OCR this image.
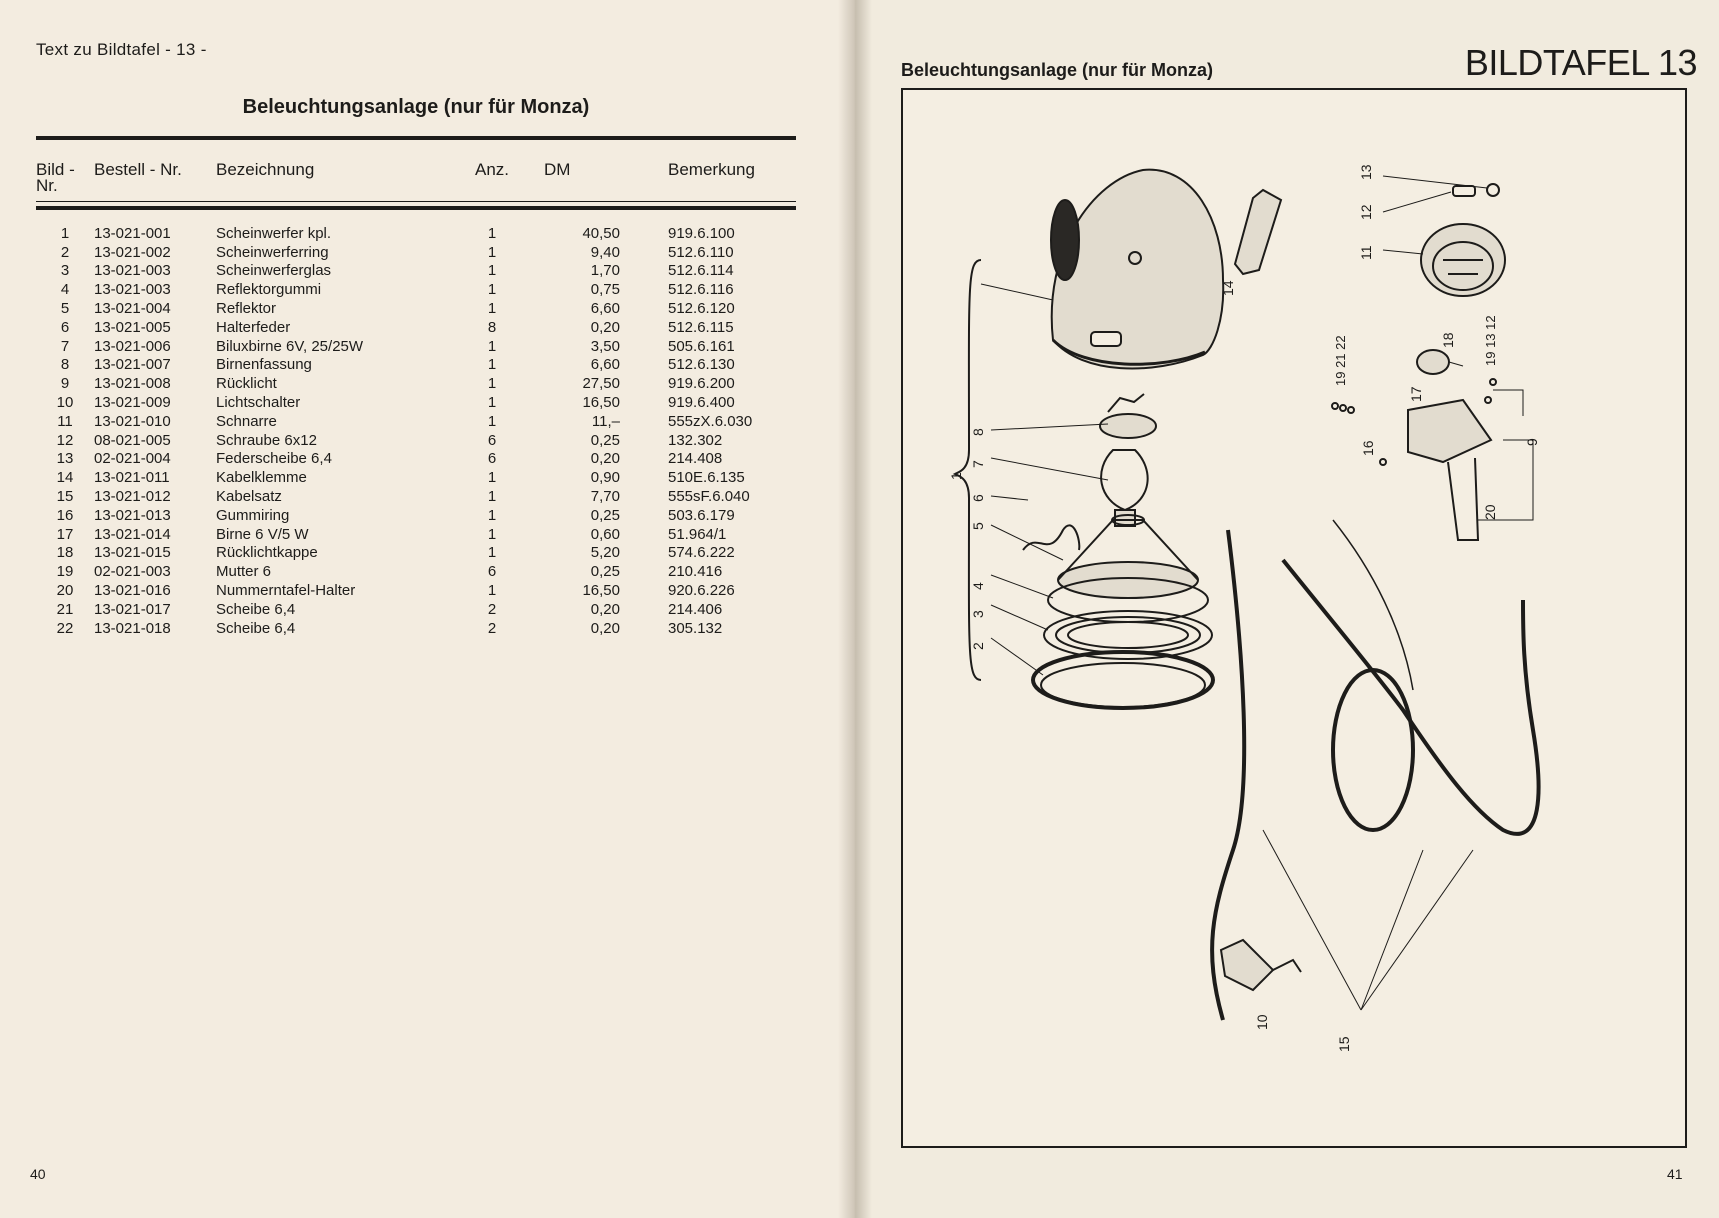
Text zu Bildtafel - 13 -
Beleuchtungsanlage (nur für Monza)
Bild -
Nr.	Bestell - Nr.	Bezeichnung	Anz.	DM	Bemerkung

1	13-021-001	Scheinwerfer kpl.	1	40,50	919.6.100
2	13-021-002	Scheinwerferring	1	9,40	512.6.110
3	13-021-003	Scheinwerferglas	1	1,70	512.6.114
4	13-021-003	Reflektorgummi	1	0,75	512.6.116
5	13-021-004	Reflektor	1	6,60	512.6.120
6	13-021-005	Halterfeder	8	0,20	512.6.115
7	13-021-006	Biluxbirne 6V, 25/25W	1	3,50	505.6.161
8	13-021-007	Birnenfassung	1	6,60	512.6.130
9	13-021-008	Rücklicht	1	27,50	919.6.200
10	13-021-009	Lichtschalter	1	16,50	919.6.400
11	13-021-010	Schnarre	1	11,–	555zX.6.030
12	08-021-005	Schraube 6x12	6	0,25	132.302
13	02-021-004	Federscheibe 6,4	6	0,20	214.408
14	13-021-011	Kabelklemme	1	0,90	510E.6.135
15	13-021-012	Kabelsatz	1	7,70	555sF.6.040
16	13-021-013	Gummiring	1	0,25	503.6.179
17	13-021-014	Birne 6 V/5 W	1	0,60	51.964/1
18	13-021-015	Rücklichtkappe	1	5,20	574.6.222
19	02-021-003	Mutter 6	6	0,25	210.416
20	13-021-016	Nummerntafel-Halter	1	16,50	920.6.226
21	13-021-017	Scheibe 6,4	2	0,20	214.406
22	13-021-018	Scheibe 6,4	2	0,20	305.132
40
Beleuchtungsanlage (nur für Monza)	BILDTAFEL 13
1
2
3
4
5
6
7
8
9
10
11
12
13
14
15
16
17
18
20
19 21 22	19 13 12
41
